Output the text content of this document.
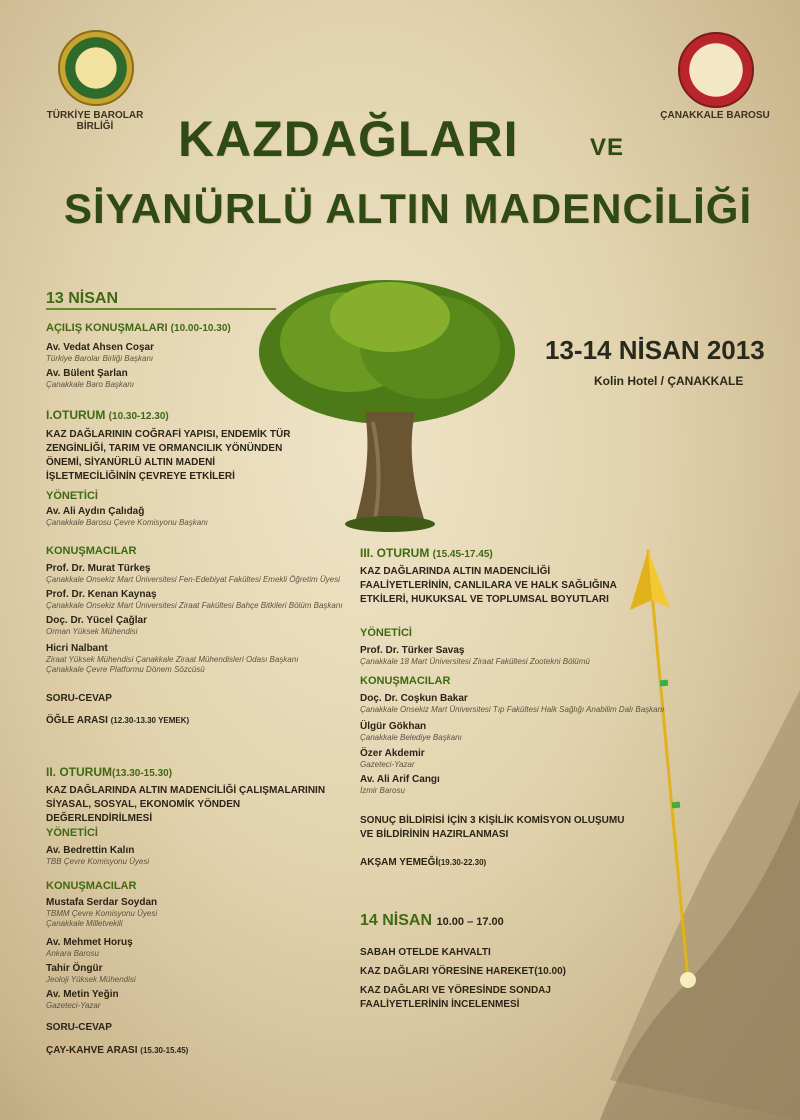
TÜRKİYE BAROLAR BİRLİĞİ
ÇANAKKALE BAROSU
KAZDAĞLARI	VE
SİYANÜRLÜ ALTIN MADENCİLİĞİ
13-14 NİSAN 2013
Kolin Hotel / ÇANAKKALE
13 NİSAN
AÇILIŞ KONUŞMALARI (10.00-10.30)
Av. Vedat Ahsen Coşar
Türkiye Barolar Birliği Başkanı
Av. Bülent Şarlan
Çanakkale Baro Başkanı
I.OTURUM (10.30-12.30)
KAZ DAĞLARININ COĞRAFİ YAPISI, ENDEMİK TÜR ZENGİNLİĞİ, TARIM VE ORMANCILIK YÖNÜNDEN ÖNEMİ, SİYANÜRLÜ ALTIN MADENİ İŞLETMECİLİĞİNİN ÇEVREYE ETKİLERİ
YÖNETİCİ
Av. Ali Aydın Çalıdağ
Çanakkale Barosu Çevre Komisyonu Başkanı
KONUŞMACILAR
Prof. Dr. Murat Türkeş
Çanakkale Onsekiz Mart Üniversitesi Fen-Edebiyat Fakültesi Emekli Öğretim Üyesi
Prof. Dr. Kenan Kaynaş
Çanakkale Onsekiz Mart Üniversitesi Ziraat Fakültesi Bahçe Bitkileri Bölüm Başkanı
Doç. Dr. Yücel Çağlar
Orman Yüksek Mühendisi
Hicri Nalbant
Ziraat Yüksek Mühendisi Çanakkale Ziraat Mühendisleri Odası Başkanı
Çanakkale Çevre Platformu Dönem Sözcüsü
SORU-CEVAP
ÖĞLE ARASI (12.30-13.30 YEMEK)
II. OTURUM(13.30-15.30)
KAZ DAĞLARINDA ALTIN MADENCİLİĞİ ÇALIŞMALARININ SİYASAL, SOSYAL, EKONOMİK YÖNDEN DEĞERLENDİRİLMESİ
YÖNETİCİ
Av. Bedrettin Kalın
TBB Çevre Komisyonu Üyesi
KONUŞMACILAR
Mustafa Serdar Soydan
TBMM Çevre Komisyonu Üyesi
Çanakkale Milletvekili
Av. Mehmet Horuş
Ankara Barosu
Tahir Öngür
Jeoloji Yüksek Mühendisi
Av. Metin Yeğin
Gazeteci-Yazar
SORU-CEVAP
ÇAY-KAHVE ARASI (15.30-15.45)
III. OTURUM (15.45-17.45)
KAZ DAĞLARINDA ALTIN MADENCİLİĞİ FAALİYETLERİNİN, CANLILARA VE HALK SAĞLIĞINA ETKİLERİ, HUKUKSAL VE TOPLUMSAL BOYUTLARI
YÖNETİCİ
Prof. Dr. Türker Savaş
Çanakkale 18 Mart Üniversitesi Ziraat Fakültesi Zootekni Bölümü
KONUŞMACILAR
Doç. Dr. Coşkun Bakar
Çanakkale Onsekiz Mart Üniversitesi Tıp Fakültesi Halk Sağlığı Anabilim Dalı Başkanı
Ülgür Gökhan
Çanakkale Belediye Başkanı
Özer Akdemir
Gazeteci-Yazar
Av. Ali Arif Cangı
İzmir Barosu
SONUÇ BİLDİRİSİ İÇİN 3 KİŞİLİK KOMİSYON OLUŞUMU VE BİLDİRİNİN HAZIRLANMASI
AKŞAM YEMEĞİ(19.30-22.30)
14 NİSAN 10.00 – 17.00
SABAH OTELDE KAHVALTI
KAZ DAĞLARI YÖRESİNE HAREKET(10.00)
KAZ DAĞLARI VE YÖRESİNDE SONDAJ FAALİYETLERİNİN İNCELENMESİ
